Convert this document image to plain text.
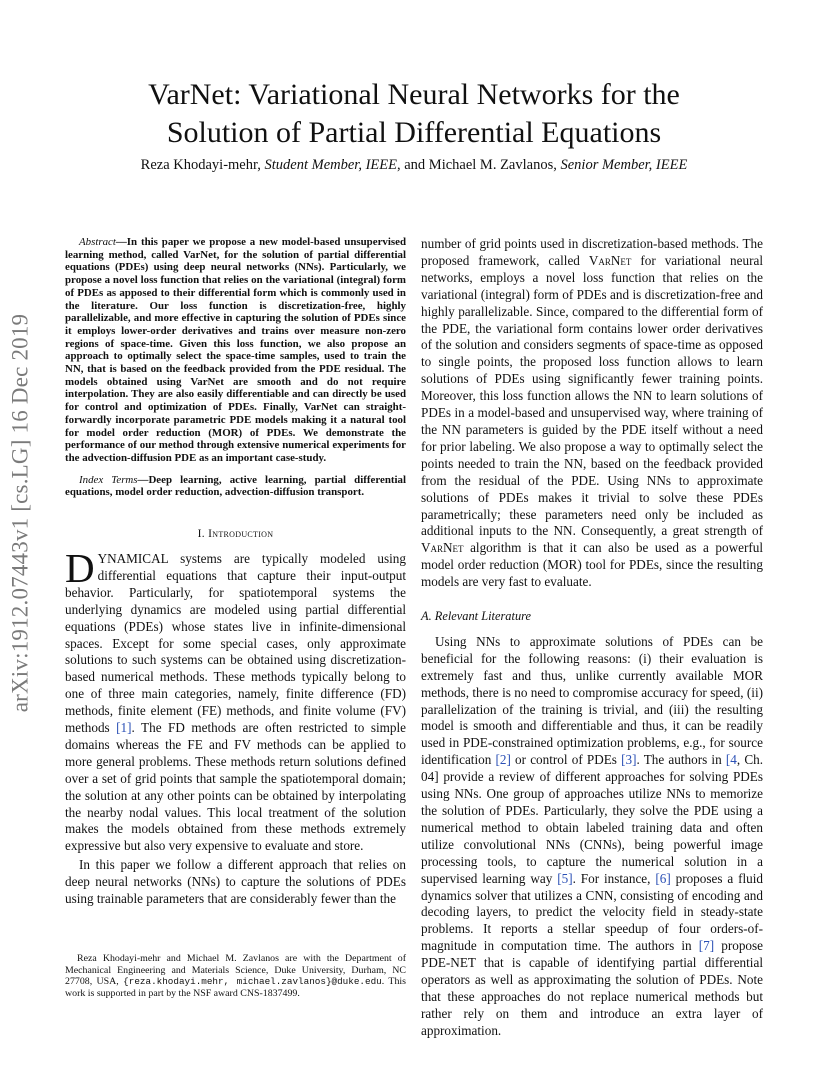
arXiv:1912.07443v1 [cs.LG] 16 Dec 2019
VarNet: Variational Neural Networks for the
Solution of Partial Differential Equations

Reza Khodayi-mehr, Student Member, IEEE, and Michael M. Zavlanos, Senior Member, IEEE

Abstract—In this paper we propose a new model-based unsupervised learning method, called VarNet, for the solution of partial differential equations (PDEs) using deep neural networks (NNs). Particularly, we propose a novel loss function that relies on the variational (integral) form of PDEs as apposed to their differential form which is commonly used in the literature. Our loss function is discretization-free, highly parallelizable, and more effective in capturing the solution of PDEs since it employs lower-order derivatives and trains over measure non-zero regions of space-time. Given this loss function, we also propose an approach to optimally select the space-time samples, used to train the NN, that is based on the feedback provided from the PDE residual. The models obtained using VarNet are smooth and do not require interpolation. They are also easily differentiable and can directly be used for control and optimization of PDEs. Finally, VarNet can straight-forwardly incorporate parametric PDE models making it a natural tool for model order reduction (MOR) of PDEs. We demonstrate the performance of our method through extensive numerical experiments for the advection-diffusion PDE as an important case-study.

Index Terms—Deep learning, active learning, partial differential equations, model order reduction, advection-diffusion transport.

I. Introduction

DYNAMICAL systems are typically modeled using differential equations that capture their input-output behavior. Particularly, for spatiotemporal systems the underlying dynamics are modeled using partial differential equations (PDEs) whose states live in infinite-dimensional spaces. Except for some special cases, only approximate solutions to such systems can be obtained using discretization-based numerical methods. These methods typically belong to one of three main categories, namely, finite difference (FD) methods, finite element (FE) methods, and finite volume (FV) methods [1]. The FD methods are often restricted to simple domains whereas the FE and FV methods can be applied to more general problems. These methods return solutions defined over a set of grid points that sample the spatiotemporal domain; the solution at any other points can be obtained by interpolating the nearby nodal values. This local treatment of the solution makes the models obtained from these methods extremely expressive but also very expensive to evaluate and store.

In this paper we follow a different approach that relies on deep neural networks (NNs) to capture the solutions of PDEs using trainable parameters that are considerably fewer than the

Reza Khodayi-mehr and Michael M. Zavlanos are with the Department of Mechanical Engineering and Materials Science, Duke University, Durham, NC 27708, USA, {reza.khodayi.mehr, michael.zavlanos}@duke.edu. This work is supported in part by the NSF award CNS-1837499.

number of grid points used in discretization-based methods. The proposed framework, called VarNet for variational neural networks, employs a novel loss function that relies on the variational (integral) form of PDEs and is discretization-free and highly parallelizable. Since, compared to the differential form of the PDE, the variational form contains lower order derivatives of the solution and considers segments of space-time as opposed to single points, the proposed loss function allows to learn solutions of PDEs using significantly fewer training points. Moreover, this loss function allows the NN to learn solutions of PDEs in a model-based and unsupervised way, where training of the NN parameters is guided by the PDE itself without a need for prior labeling. We also propose a way to optimally select the points needed to train the NN, based on the feedback provided from the residual of the PDE. Using NNs to approximate solutions of PDEs makes it trivial to solve these PDEs parametrically; these parameters need only be included as additional inputs to the NN. Consequently, a great strength of VarNet algorithm is that it can also be used as a powerful model order reduction (MOR) tool for PDEs, since the resulting models are very fast to evaluate.

A. Relevant Literature

Using NNs to approximate solutions of PDEs can be beneficial for the following reasons: (i) their evaluation is extremely fast and thus, unlike currently available MOR methods, there is no need to compromise accuracy for speed, (ii) parallelization of the training is trivial, and (iii) the resulting model is smooth and differentiable and thus, it can be readily used in PDE-constrained optimization problems, e.g., for source identification [2] or control of PDEs [3]. The authors in [4, Ch. 04] provide a review of different approaches for solving PDEs using NNs. One group of approaches utilize NNs to memorize the solution of PDEs. Particularly, they solve the PDE using a numerical method to obtain labeled training data and often utilize convolutional NNs (CNNs), being powerful image processing tools, to capture the numerical solution in a supervised learning way [5]. For instance, [6] proposes a fluid dynamics solver that utilizes a CNN, consisting of encoding and decoding layers, to predict the velocity field in steady-state problems. It reports a stellar speedup of four orders-of-magnitude in computation time. The authors in [7] propose PDE-NET that is capable of identifying partial differential operators as well as approximating the solution of PDEs. Note that these approaches do not replace numerical methods but rather rely on them and introduce an extra layer of approximation.
